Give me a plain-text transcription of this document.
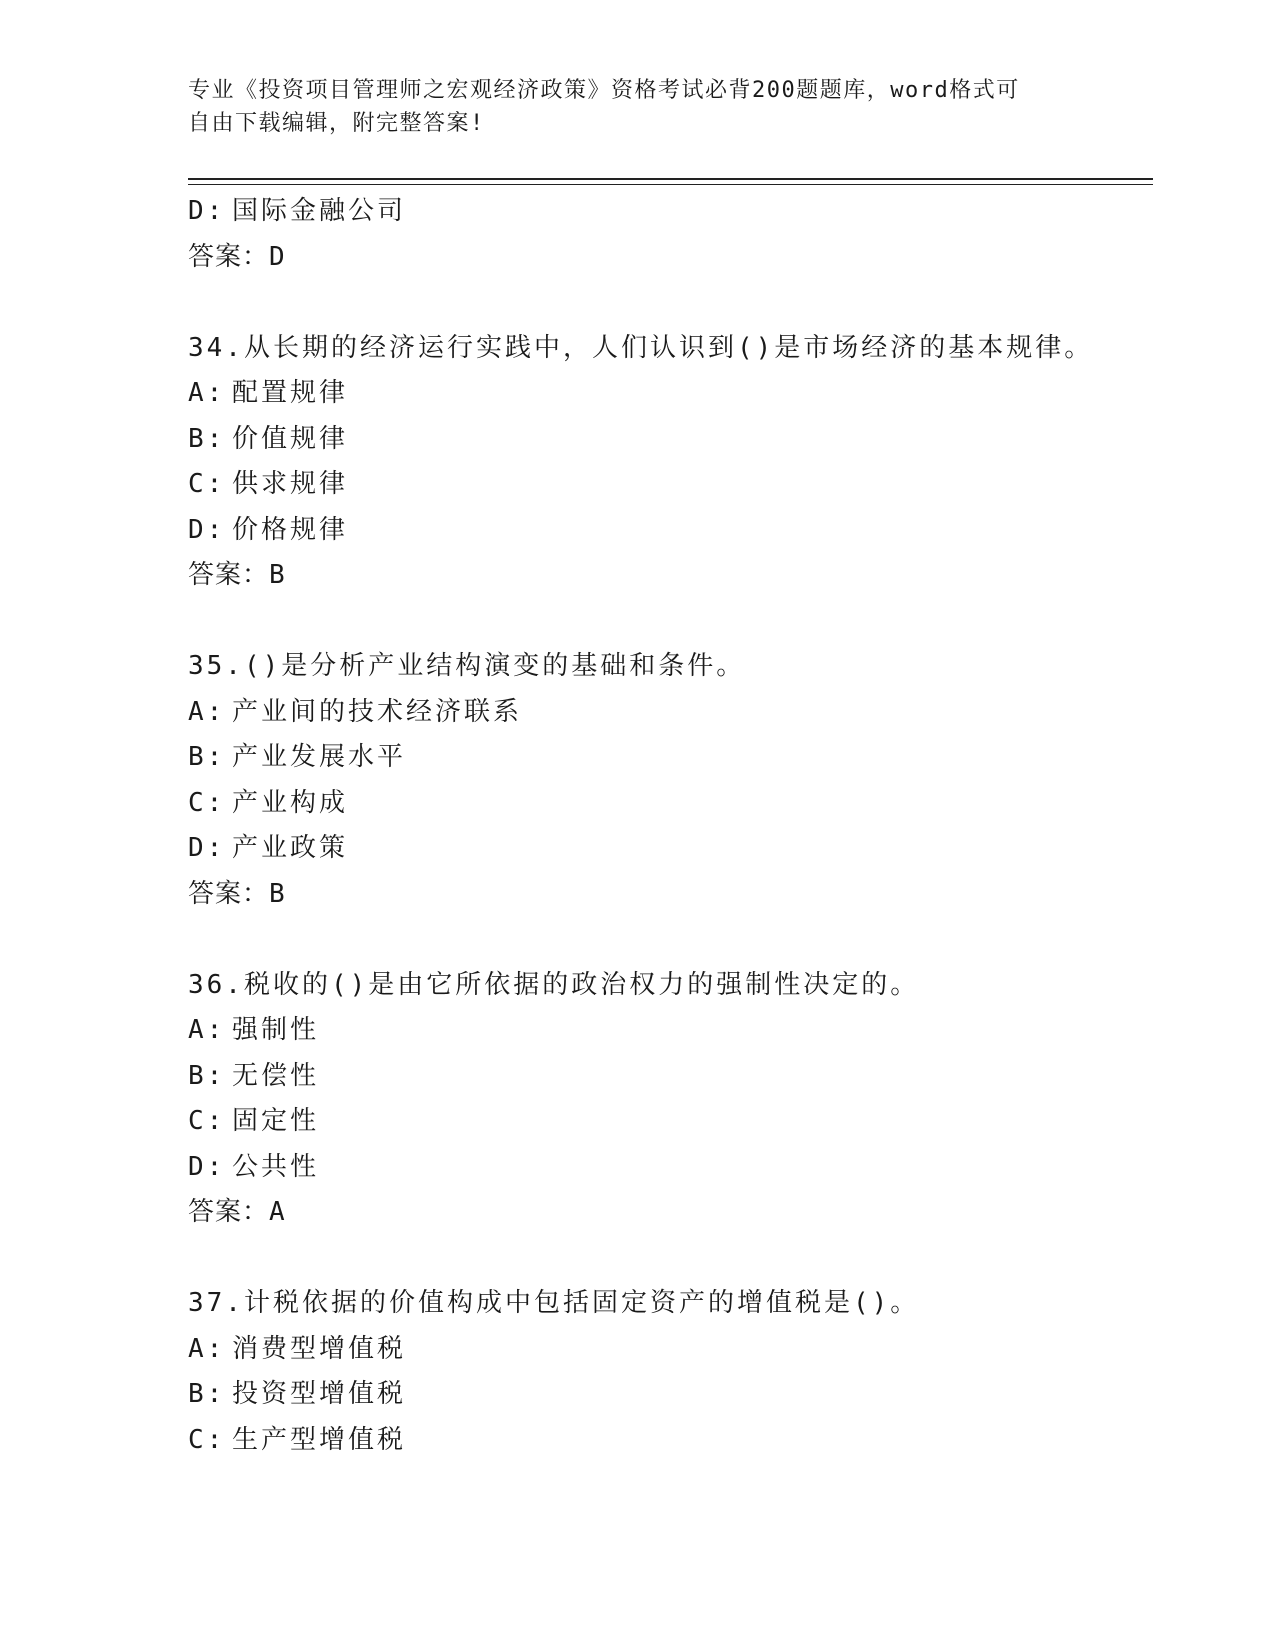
专业《投资项目管理师之宏观经济政策》资格考试必背200题题库，word格式可
自由下载编辑，附完整答案!
D: 国际金融公司
答案：D
34.从长期的经济运行实践中，人们认识到()是市场经济的基本规律。
A: 配置规律
B: 价值规律
C: 供求规律
D: 价格规律
答案：B
35.()是分析产业结构演变的基础和条件。
A: 产业间的技术经济联系
B: 产业发展水平
C: 产业构成
D: 产业政策
答案：B
36.税收的()是由它所依据的政治权力的强制性决定的。
A: 强制性
B: 无偿性
C: 固定性
D: 公共性
答案：A
37.计税依据的价值构成中包括固定资产的增值税是()。
A: 消费型增值税
B: 投资型增值税
C: 生产型增值税
